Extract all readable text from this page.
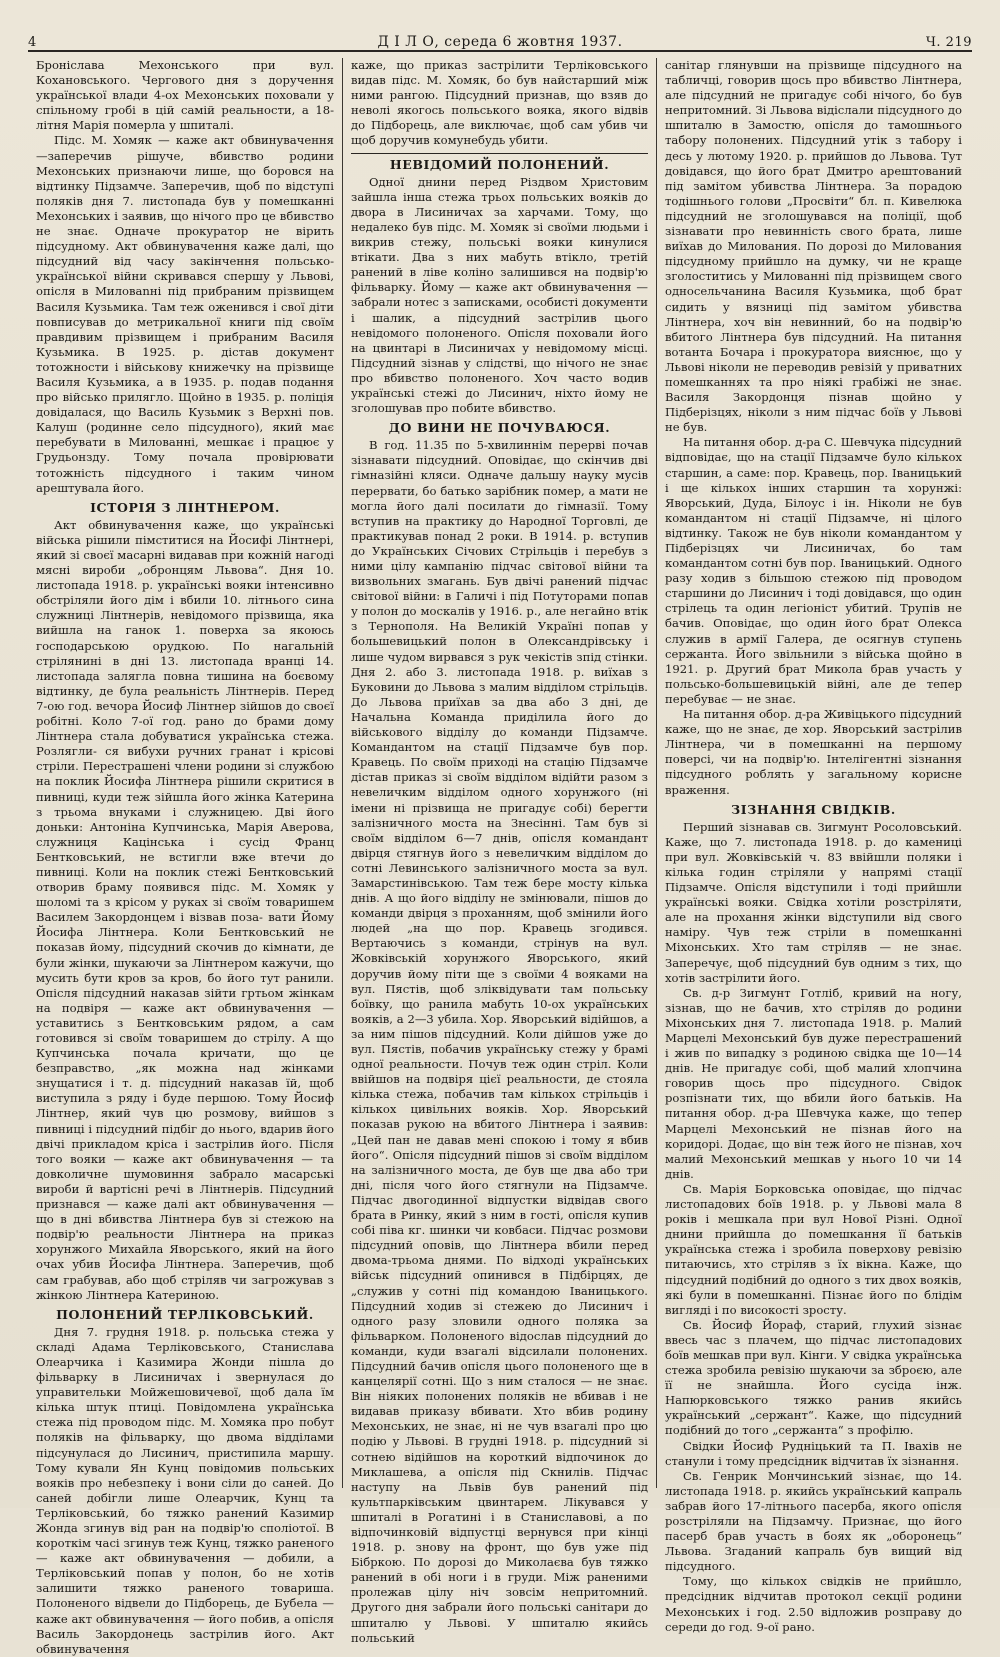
4	Д І Л О, середа 6 жовтня 1937.	Ч. 219

Броніслава Мехонського при вул. Кохановського. Чергового дня з доручення української влади 4-ох Мехонських поховали у спільному гробі в цій самій реальности, а 18-літня Марія померла у шпиталі.

Підс. М. Хомяк — каже акт обвинувачення —заперечив рішуче, вбивство родини Мехонських признаючи лише, що боровся на відтинку Підзамче. Заперечив, щоб по відступі поляків дня 7. листопада був у помешканні Мехонських і заявив, що нічого про це вбивство не знає. Одначе прокуратор не вірить підсудному. Акт обвинувачення каже далі, що підсудний від часу закінчення польсько-української війни скривався спершу у Львові, опісля в Миловanні під прибраним прізвищем Василя Кузьмика. Там теж оженився і свої діти повписував до метрикальної книги під своїм правдивим прізвищем і прибраним Василя Кузьмика. В 1925. р. дістав документ тотожности і військову книжечку на прізвище Василя Кузьмика, а в 1935. р. подав подання про військо прилягло. Щойно в 1935. р. полiція довідалася, що Василь Кузьмик з Верхні пов. Калуш (родинне село підсудного), який має перебувати в Милованні, мешкає і працює у Грудьонзду. Тому почала провірювати тотожність підсудного і таким чином арештувала його.

ІСТОРІЯ З ЛІНТНЕРОМ.

Акт обвинувачення каже, що українські війська рішили пімститися на Йосифі Лінтнері, який зі своєї масарні видавав при кожній нагоді мясні вироби „обронцям Львова“. Дня 10. листопада 1918. р. українські вояки інтенсивно обстріляли його дім і вбили 10. літнього сина служниці Лінтнерів, невідомого прізвища, яка вийшла на ганок 1. поверха за якоюсь господарською орудкою. По нагальній стрілянині в дні 13. листопада вранці 14. листопада залягла повна тишина на боєвому відтинку, де була реальність Лінтнерів. Перед 7-ою год. вечора Йосиф Лінтнер зійшов до своєї робітні. Коло 7-ої год. рано до брами дому Лінтнера стала добуватися українська стежа. Розлягли- ся вибухи ручних гранат і крісові стріли. Перестрашені члени родини зі службою на поклик Йосифа Лінтнера рішили скритися в пивниці, куди теж зійшла його жінка Катерина з трьома внуками і служницею. Дві його доньки: Антоніна Купчинська, Марія Аверова, служниця Кацінська і сусід Франц Бентковський, не встигли вже втечи до пивниці. Коли на поклик стежі Бентковський отворив браму появився підс. М. Хомяк у шоломі та з крісом у руках зі своїм товаришем Василем Закордонцем і візвав поза- вати Йому Йосифа Лінтнера. Коли Бентковський не показав йому, підсудний скочив до кімнати, де були жінки, шукаючи за Лінтнером кажучи, що мусить бути кров за кров, бо його тут ранили. Опісля підсудний наказав зійти гртьом жінкам на подвіря — каже акт обвинувачення — уставитись з Бентковським рядом, а сам готовився зі своїм товаришем до стрілу. А що Купчинська почала кричати, що це безправство, „як можна над жінками знущатися і т. д. підсудний наказав їй, щоб виступила з ряду і буде першою. Тому Йосиф Лінтнер, який чув цю розмову, вийшов з пивниці і підсудний підбіг до нього, вдарив його двічі прикладом кріса і застрілив його. Після того вояки — каже акт обвинувачення — та довколичне шумовиння забрало масарські вироби й вартісні речі в Лінтнерів. Підсудний признався — каже далі акт обвинувачення — що в дні вбивства Лінтнера був зі стежою на подвір'ю реальности Лінтнера на приказ хорунжого Михайла Яворського, який на його очах убив Йосифа Лінтнера. Заперечив, щоб сам грабував, або щоб стріляв чи загрожував з жінкою Лінтнера Катериною.

ПОЛОНЕНИЙ ТЕРЛІКОВСЬКИЙ.

Дня 7. грудня 1918. р. польська стежа у складі Адама Терліковського, Станислава Олеарчика і Казимира Жонди пішла до фільварку в Лисиничах і звернулася до управительки Мойжешовичевої, щоб дала їм кілька штук птиці. Повідомлена українська стежа під проводом підс. М. Хомяка про побут поляків на фільварку, що двома відділами підсунулася до Лисинич, пристипила маршу. Тому кували Ян Кунц повідомив польських вояків про небезпеку і вони сіли до саней. До саней добігли лише Олеарчик, Кунц та Терліковський, бо тяжко ранений Казимир Жонда згинув від ран на подвір'ю споліотої. В короткім часі згинув теж Кунц, тяжко раненого — каже акт обвинувачення — добили, а Терліковський попав у полон, бо не хотів залишити тяжко раненого товариша. Полоненого відвели до Підборець, де Бубела — каже акт обвинувачення — його побив, а опісля Василь Закордонець застрілив його. Акт обвинувачення

каже, що приказ застрілити Терліковського видав підс. М. Хомяк, бо був найстарший між ними рангою. Підсудний признав, що взяв до неволі якогось польського вояка, якого відвів до Підборець, але виключає, щоб сам убив чи щоб доручив комунебудь убити.

НЕВІДОМИЙ ПОЛОНЕНИЙ.

Одної днини перед Різдвом Христовим зайшла інша стежа трьох польських вояків до двора в Лисиничах за харчами. Тому, що недалеко був підс. М. Хомяк зі своїми людьми і викрив стежу, польські вояки кинулися втікати. Два з них мабуть втікло, третій ранений в ліве коліно залишився на подвір'ю фільварку. Йому — каже акт обвинувачення — забрали нотес з записками, особисті документи і шалик, а підсудний застрілив цього невідомого полоненого. Опісля поховали його на цвинтарі в Лисиничах у невідомому місці. Підсудний зізнав у слідстві, що нічого не знає про вбивство полоненого. Хоч часто водив українські стежі до Лисинич, ніхто йому не зголошував про побите вбивство.

ДО ВИНИ НЕ ПОЧУВАЮСЯ.

В год. 11.35 по 5-хвилиннім перерві почав зізнавати підсудний. Оповідає, що скінчив дві гімназійні кляси. Одначе дальшу науку мусів перервати, бо батько зарібник помер, а мати не могла його далі посилати до гімназії. Тому вступив на практику до Народної Торговлі, де практикував понад 2 роки. В 1914. р. вступив до Українських Січових Стрільців і перебув з ними цілу кампанію підчас світової війни та визвольних змагань. Був двічі ранений підчас світової війни: в Галичі і під Потуторами попав у полон до москалів у 1916. р., але негайно втік з Тернополя. На Великій Україні попав у большевицький полон в Олександрівську і лише чудом вирвався з рук чекістів зпід стінки. Дня 2. або 3. листопада 1918. р. виїхав з Буковини до Львова з малим відділом стрільців. До Львова приїхав за два або 3 дні, де Начальна Команда приділила його до військового відділу до команди Підзамче. Командантом на стації Підзамче був пор. Кравець. По своїм приході на стацію Підзамче дістав приказ зі своїм відділом відійти разом з невеличким відділом одного хорунжого (ні імени ні прізвища не пригадує собі) берегти залізничного моста на Знесінні. Там був зі своїм відділом 6—7 днів, опісля командант двірця стягнув його з невеличким відділом до сотні Левинського залізничного моста за вул. Замарстинівською. Там теж бере мосту кілька днів. А що його відділу не змінювали, пішов до команди двірця з проханням, щоб змінили його людей „на що пор. Кравець згодився. Вертаючись з команди, стрінув на вул. Жовківській хорунжого Яворського, який доручив йому піти ще з своїми 4 вояками на вул. Пястів, щоб зліквідувати там польську боївку, що ранила мабуть 10-ох українських вояків, а 2—3 убила. Хор. Яворський відійшов, а за ним пішов підсудний. Коли дійшов уже до вул. Пястів, побачив українську стежу у брамі одної реальности. Почув теж один стріл. Коли ввійшов на подвіря цієї реальности, де стояла кілька стежа, побачив там кількох стрільців і кількох цивільних вояків. Хор. Яворський показав рукою на вбитого Лінтнера і заявив: „Цей пан не давав мені спокою і тому я вбив його“. Опісля підсудний пішов зі своїм відділом на залізничного моста, де був ще два або три дні, після чого його стягнули на Підзамче. Підчас двогодинної відпустки відвідав свого брата в Ринку, який з ним в гості, опісля купив собі піва кг. шинки чи ковбаси. Підчас розмови підсудний оповів, що Лінтнера вбили перед двома-трьома днями. По відході українських військ підсудний опинився в Підбірцях, де „служив у сотні під командою Іваницького. Підсудний ходив зі стежею до Лисинич і одного разу зловили одного поляка за фільварком. Полоненого відослав підсудний до команди, куди взагалі відсилали полонених. Підсудний бачив опісля цього полоненого ще в канцелярії сотні. Що з ним сталося — не знає. Він ніяких полонених поляків не вбивав і не видавав приказу вбивати. Хто вбив родину Мехонських, не знає, ні не чув взагалі про цю подію у Львові. В грудні 1918. р. підсудний зі сотнею відійшов на короткий відпочинок до Миклашева, а опісля під Скнилів. Підчас наступу на Львів був ранений під культпарківським цвинтарем. Лікувався у шпиталі в Рогатині і в Станиславові, а по відпочинковій відпустці вернувся при кінці 1918. р. знову на фронт, що був уже під Бібркою. По дорозі до Миколаєва був тяжко ранений в обі ноги і в груди. Між раненими пролежав цілу ніч зовсім непритомний. Другого дня забрали його польські санітари до шпиталю у Львові. У шпиталю якийсь польський

санітар глянувши на прізвище підсудного на табличці, говорив щось про вбивство Лінтнера, але підсудний не пригадує собі нічого, бо був непритомний. Зі Львова відіслали підсудного до шпиталю в Замостю, опісля до тамошнього табору полонених. Підсудний утік з табору і десь у лютому 1920. р. прийшов до Львова. Тут довідався, що його брат Дмитро арештований під замітом убивства Лінтнера. За порадою тодішнього голови „Просвіти“ бл. п. Кивелюка підсудний не зголошувався на поліції, щоб зізнавати про невинність свого брата, лише виїхав до Милования. По дорозі до Милования підсудному прийшло на думку, чи не краще зголоститись у Милованні під прізвищем свого односельчанина Василя Кузьмика, щоб брат сидить у вязниці під замітом убивства Лінтнера, хоч він невинний, бо на подвір'ю вбитого Лінтнера був підсудний. На питання вотанта Бочара і прокуратора вияснює, що у Львові ніколи не переводив ревізій у приватних помешканнях та про ніякі грабіжі не знає. Василя Закордонця пізнав щойно у Підберізцях, ніколи з ним підчас боїв у Львові не був.

На питання обор. д-ра С. Шевчука підсудний відповідає, що на стації Підзамче було кількох старшин, а саме: пор. Кравець, пор. Іваницький і ще кількох інших старшин та хорунжі: Яворський, Дуда, Білоус і ін. Ніколи не був командантом ні стації Підзамче, ні цілого відтинку. Також не був ніколи командантом у Підберізцях чи Лисиничах, бо там командантом сотні був пор. Іваницький. Одного разу ходив з більшою стежою під проводом старшини до Лисинич і тоді довідався, що один стрілець та один легіоніст убитий. Трупів не бачив. Оповідає, що один його брат Олекса служив в армії Галера, де осягнув ступень сержанта. Його звільнили з війська щойно в 1921. р. Другий брат Микола брав участь у польсько-большевицькій війні, але де тепер перебуває — не знає.

На питання обор. д-ра Живіцького підсудний каже, що не знає, де хор. Яворський застрілив Лінтнера, чи в помешканні на першому поверсі, чи на подвір'ю. Інтелігентні зізнання підсудного роблять у загальному корисне враження.

ЗІЗНАННЯ СВІДКІВ.

Перший зізнавав св. Зигмунт Росоловський. Каже, що 7. листопада 1918. р. до камениці при вул. Жовківській ч. 83 ввійшли поляки і кілька годин стріляли у напрямі стації Підзамче. Опісля відступили і тоді прийшли українські вояки. Свідка хотіли розстріляти, але на прохання жінки відступили від свого наміру. Чув теж стріли в помешканні Міхонських. Хто там стріляв — не знає. Заперечує, щоб підсудний був одним з тих, що хотів застрілити його.

Св. д-р Зигмунт Готліб, кривий на ногу, зізнав, що не бачив, хто стріляв до родини Міхонських дня 7. листопада 1918. р. Малий Марцелі Мехонський був дуже перестрашений і жив по випадку з родиною свідка ще 10—14 днів. Не пригадує собі, щоб малий хлопчина говорив щось про підсудного. Свідок розпізнати тих, що вбили його батьків. На питання обор. д-ра Шевчука каже, що тепер Марцелі Мехонський не пізнав його на коридорі. Додає, що він теж його не пізнав, хоч малий Мехонський мешкав у нього 10 чи 14 днів.

Св. Марія Борковська оповідає, що підчас листопадових боїв 1918. р. у Львові мала 8 років і мешкала при вул Нової Різні. Одної днини прийшла до помешкання її батьків українська стежа і зробила поверхову ревізію питаючись, хто стріляв з їх вікна. Каже, що підсудний подібний до одного з тих двох вояків, які були в помешканні. Пізнає його по блідім вигляді і по високості зросту.

Св. Йосиф Йораф, старий, глухий зізнає ввесь час з плачем, що підчас листопадових боїв мешкав при вул. Кінги. У свідка українська стежа зробила ревізію шукаючи за зброєю, але її не знайшла. Його сусіда інж. Напюрковського тяжко ранив якийсь український „сержант“. Каже, що підсудний подібний до того „сержанта“ з профілю.

Свідки Йосиф Рудніцький та П. Івахів не станули і тому предсідник відчитав їх зізнання.

Св. Генрик Мончинський зізнає, що 14. листопада 1918. р. якийсь український капраль забрав його 17-літнього пасерба, якого опісля розстріляли на Підзамчу. Признає, що його пасерб брав участь в боях як „оборонець“ Львова. Згаданий капраль був вищий від підсудного.

Тому, що кількох свідків не прийшло, предсідник відчитав протокол секції родини Мехонських і год. 2.50 відложив розправу до середи до год. 9-ої рано.
